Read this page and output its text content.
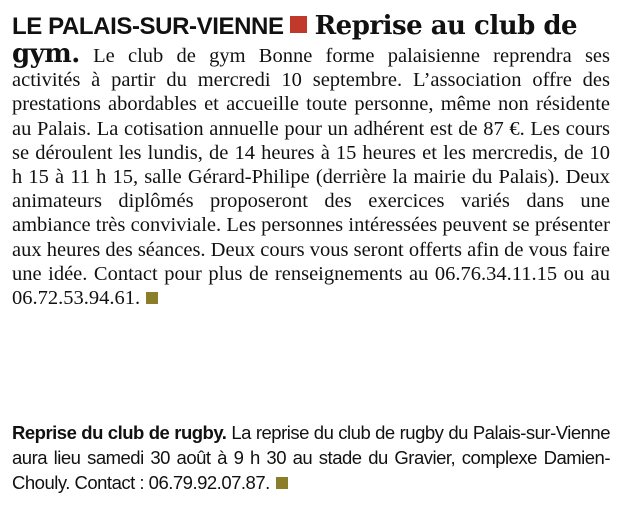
LE PALAIS-SUR-VIENNE Reprise au club de

gym. Le club de gym Bonne forme palaisienne reprendra ses activités à partir du mercredi 10 septembre. L’association offre des prestations abordables et accueille toute personne, même non résidente au Palais. La cotisation annuelle pour un adhérent est de 87 €. Les cours se déroulent les lundis, de 14 heures à 15 heures et les mercredis, de 10 h 15 à 11 h 15, salle Gérard-Philipe (derrière la mairie du Palais). Deux animateurs diplômés proposeront des exercices variés dans une ambiance très conviviale. Les personnes intéressées peuvent se présenter aux heures des séances. Deux cours vous seront offerts afin de vous faire une idée. Contact pour plus de renseignements au 06.76.34.11.15 ou au 06.72.53.94.61.

Reprise du club de rugby. La reprise du club de rugby du Palais-sur-Vienne aura lieu samedi 30 août à 9 h 30 au stade du Gravier, complexe Damien-Chouly. Contact : 06.79.92.07.87.
